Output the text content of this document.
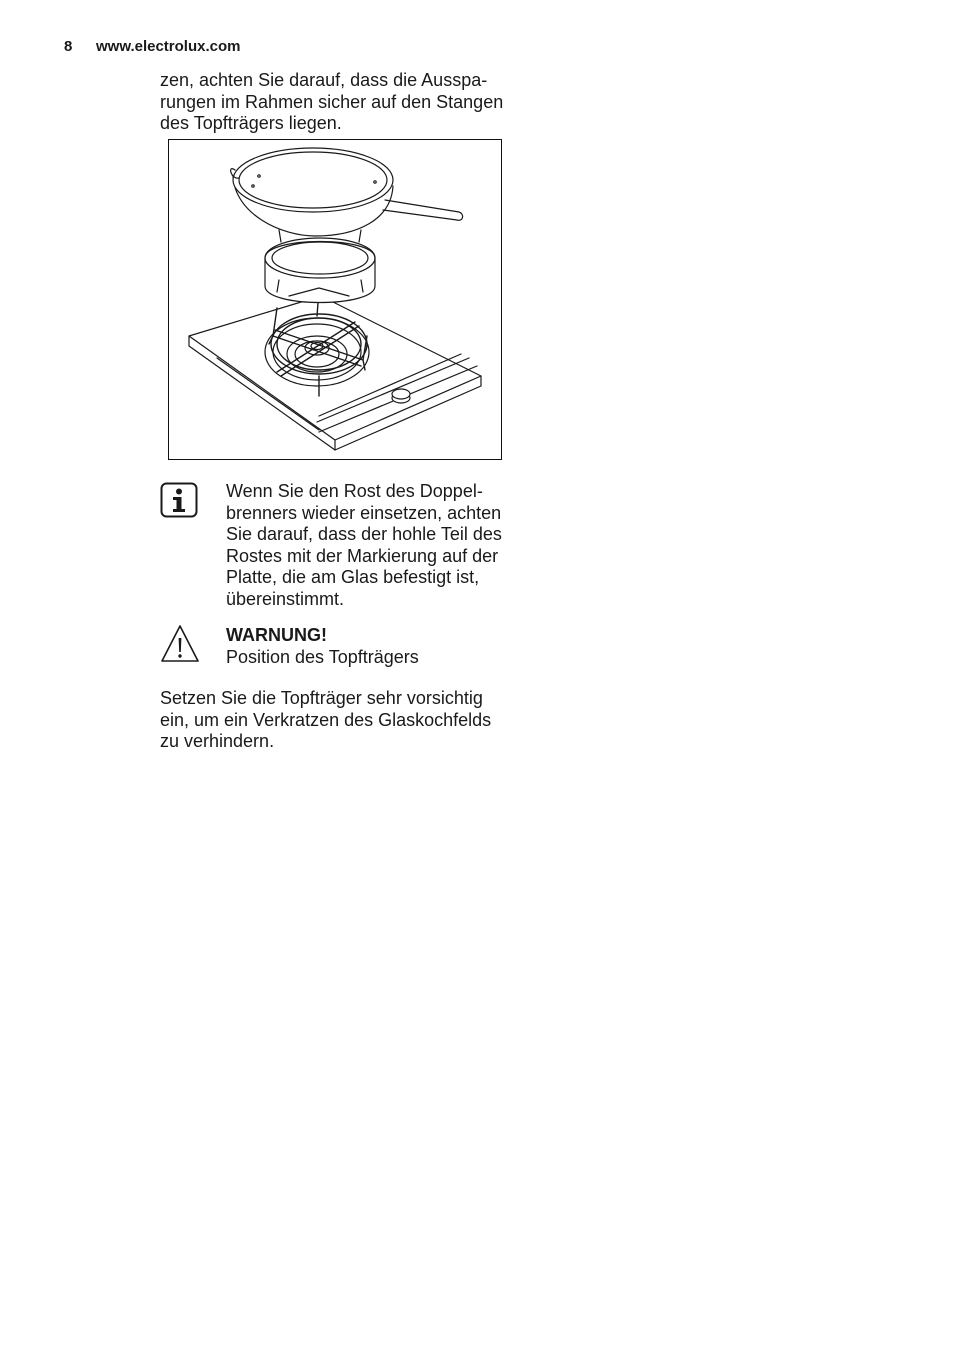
8 www.electrolux.com
zen, achten Sie darauf, dass die Ausspa-
rungen im Rahmen sicher auf den Stangen
des Topfträgers liegen.
Wenn Sie den Rost des Doppel-
brenners wieder einsetzen, achten
Sie darauf, dass der hohle Teil des
Rostes mit der Markierung auf der
Platte, die am Glas befestigt ist,
übereinstimmt.
WARNUNG!
Position des Topfträgers
Setzen Sie die Topfträger sehr vorsichtig
ein, um ein Verkratzen des Glaskochfelds
zu verhindern.
